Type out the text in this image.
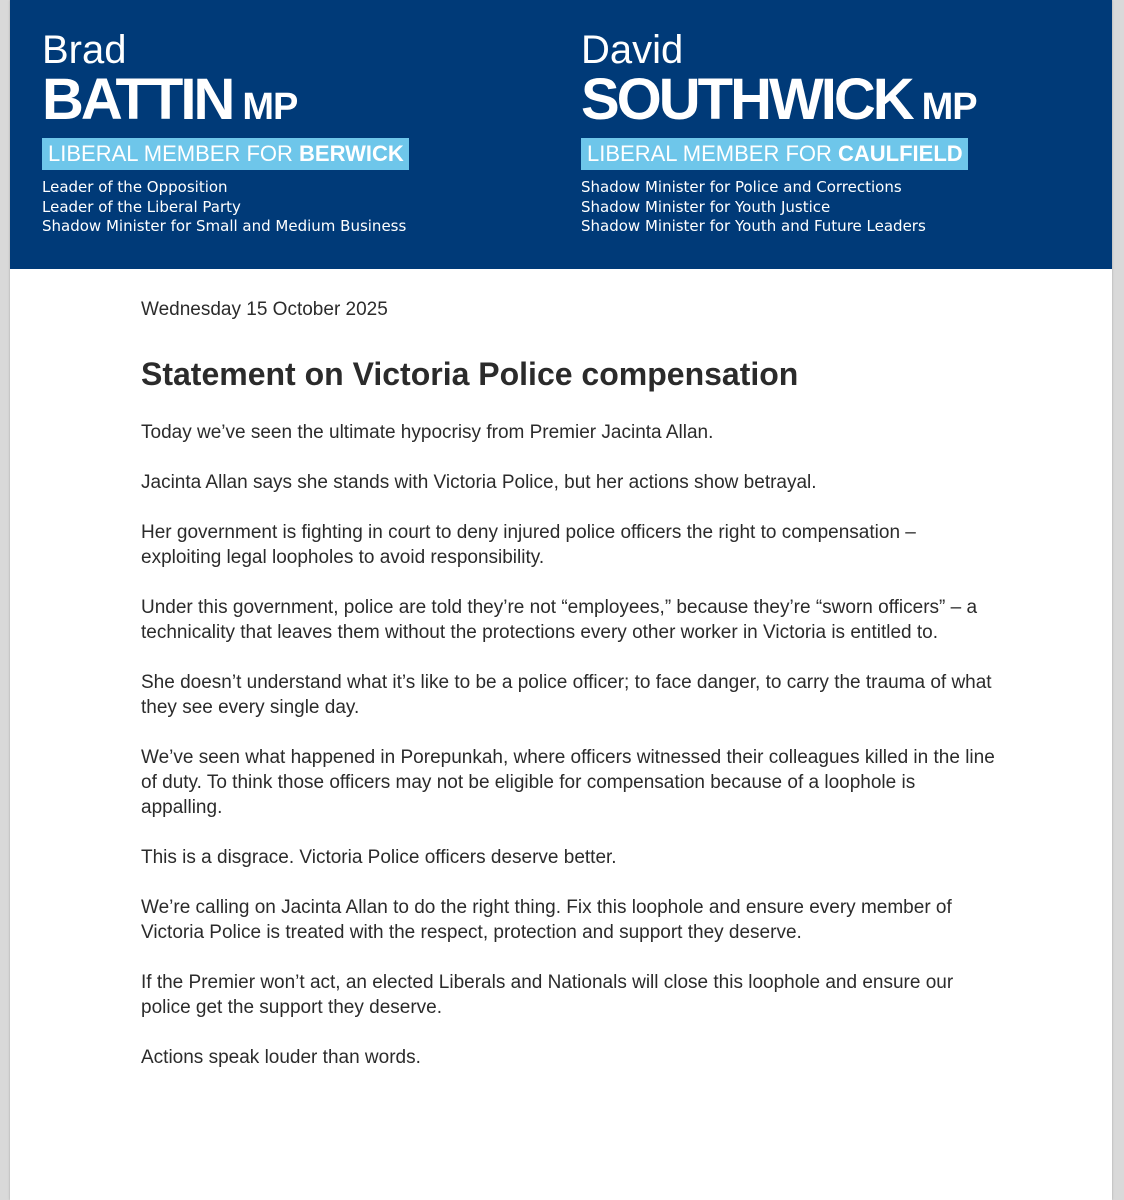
Brad
BATTIN MP
LIBERAL MEMBER FOR BERWICK
Leader of the Opposition
Leader of the Liberal Party
Shadow Minister for Small and Medium Business
David
SOUTHWICK MP
LIBERAL MEMBER FOR CAULFIELD
Shadow Minister for Police and Corrections
Shadow Minister for Youth Justice
Shadow Minister for Youth and Future Leaders

Wednesday 15 October 2025

Statement on Victoria Police compensation

Today we’ve seen the ultimate hypocrisy from Premier Jacinta Allan.

Jacinta Allan says she stands with Victoria Police, but her actions show betrayal.

Her government is fighting in court to deny injured police officers the right to compensation – exploiting legal loopholes to avoid responsibility.

Under this government, police are told they’re not “employees,” because they’re “sworn officers” – a technicality that leaves them without the protections every other worker in Victoria is entitled to.

She doesn’t understand what it’s like to be a police officer; to face danger, to carry the trauma of what they see every single day.

We’ve seen what happened in Porepunkah, where officers witnessed their colleagues killed in the line of duty. To think those officers may not be eligible for compensation because of a loophole is appalling.

This is a disgrace. Victoria Police officers deserve better.

We’re calling on Jacinta Allan to do the right thing. Fix this loophole and ensure every member of Victoria Police is treated with the respect, protection and support they deserve.

If the Premier won’t act, an elected Liberals and Nationals will close this loophole and ensure our police get the support they deserve.

Actions speak louder than words.
